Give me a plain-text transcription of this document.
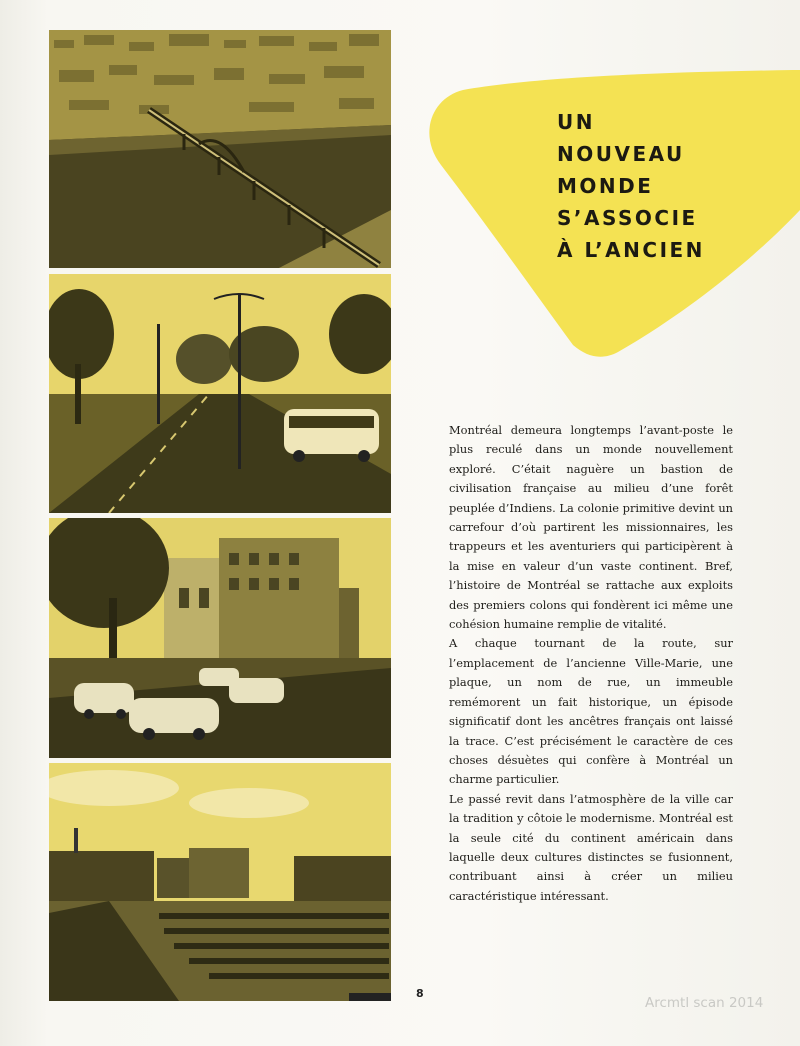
UN
NOUVEAU
MONDE
S’ASSOCIE
À L’ANCIEN

Montréal demeura longtemps l’avant-poste le plus reculé dans un monde nouvellement exploré. C’était naguère un bastion de civilisation française au milieu d’une forêt peuplée d’Indiens. La colonie primitive devint un carrefour d’où partirent les missionnaires, les trappeurs et les aventuriers qui participèrent à la mise en valeur d’un vaste continent. Bref, l’histoire de Montréal se rattache aux exploits des premiers colons qui fondèrent ici même une cohésion humaine remplie de vitalité.

A chaque tournant de la route, sur l’emplacement de l’ancienne Ville-Marie, une plaque, un nom de rue, un immeuble remémorent un fait historique, un épisode significatif dont les ancêtres français ont laissé la trace. C’est précisément le caractère de ces choses désuètes qui confère à Montréal un charme particulier.

Le passé revit dans l’atmosphère de la ville car la tradition y côtoie le modernisme. Montréal est la seule cité du continent américain dans laquelle deux cultures distinctes se fusionnent, contribuant ainsi à créer un milieu caractéristique intéressant.

8
Arcmtl scan 2014
